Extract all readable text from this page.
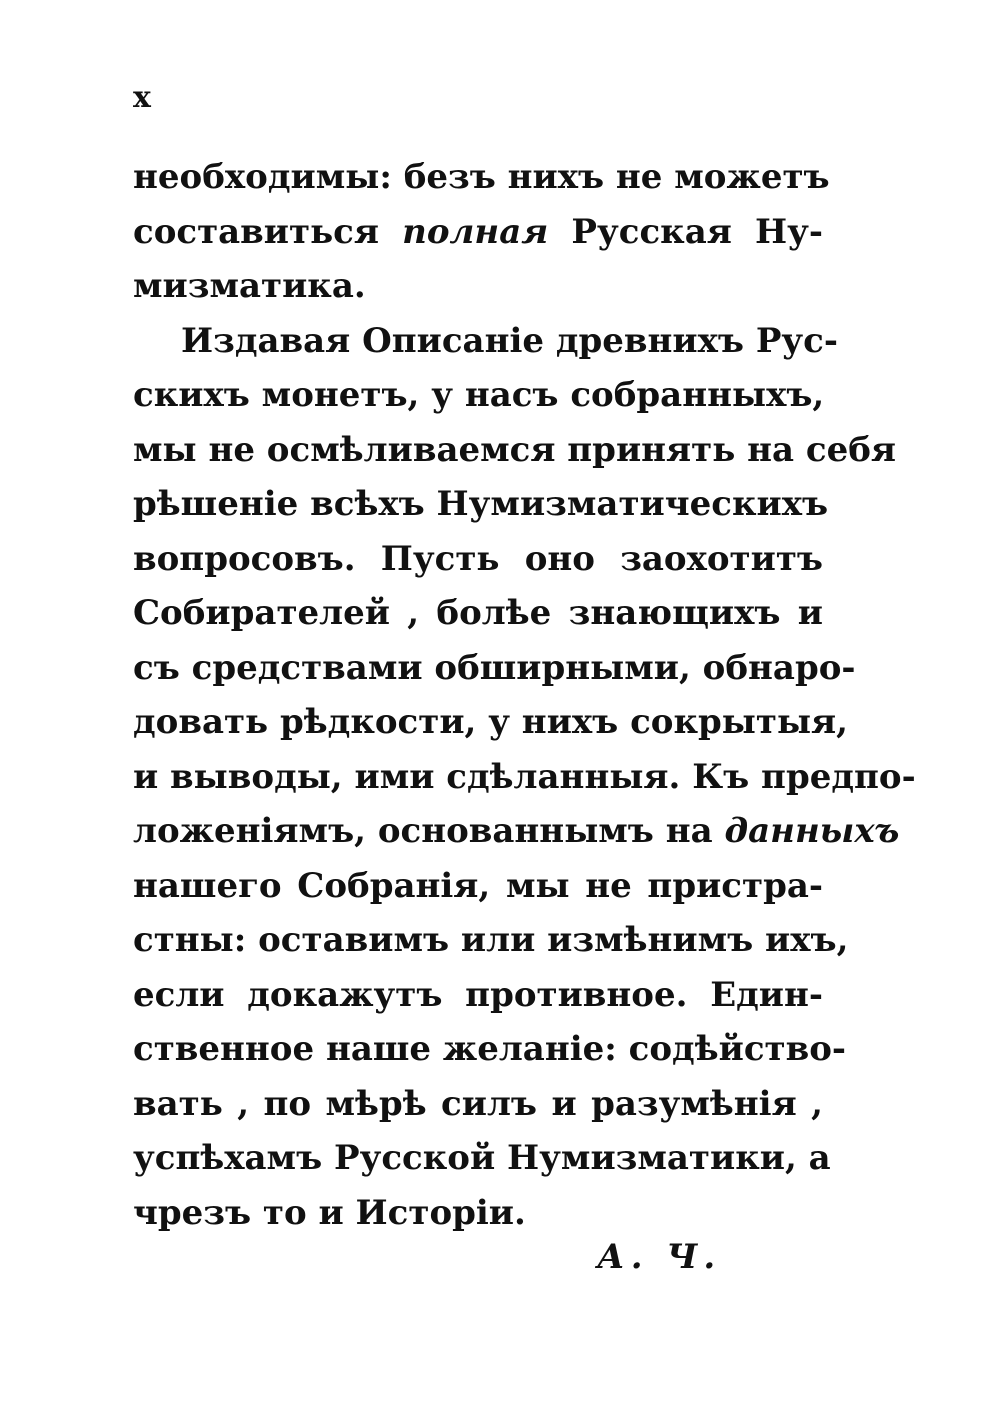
x
необходимы: безъ нихъ не можетъ
составиться полная Русская Ну-
мизматика.
Издавая Описаніе древнихъ Рус-
скихъ монетъ, у насъ собранныхъ,
мы не осмѣливаемся принять на себя
рѣшеніе всѣхъ Нумизматическихъ
вопросовъ. Пусть оно заохотитъ
Собирателей , болѣе знающихъ и
съ средствами обширными, обнаро-
довать рѣдкости, у нихъ сокрытыя,
и выводы, ими сдѣланныя. Къ предпо-
ложеніямъ, основаннымъ на данныхъ
нашего Собранія, мы не пристра-
стны: оставимъ или измѣнимъ ихъ,
если докажутъ противное. Един-
ственное наше желаніе: содѣйство-
вать , по мѣрѣ силъ и разумѣнія ,
успѣхамъ Русской Нумизматики, а
чрезъ то и Исторіи.
А. Ч.
